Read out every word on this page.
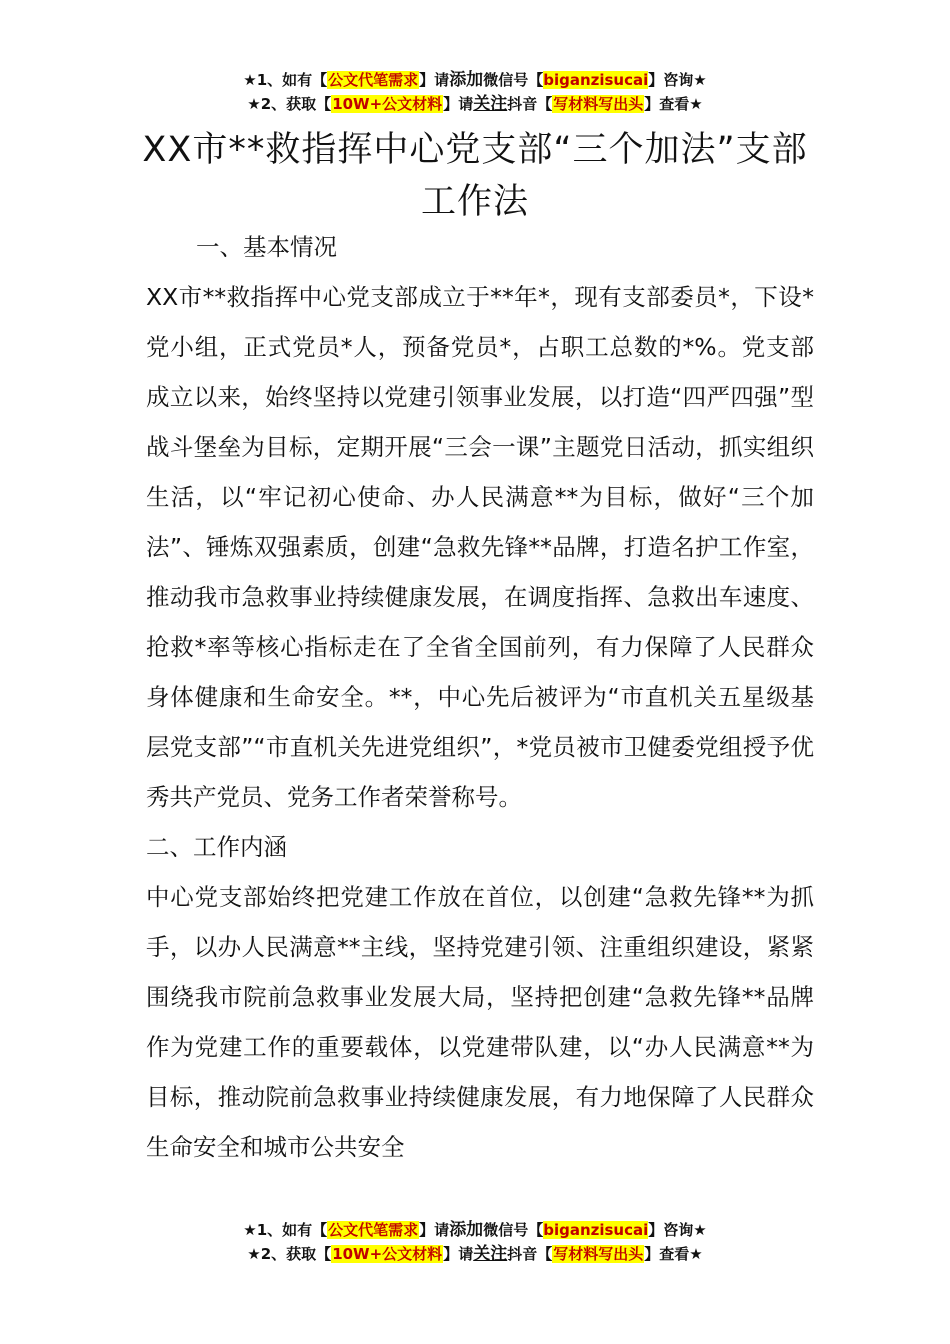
★1、如有【公文代笔需求】请添加微信号【biganzisucai】咨询★
★2、获取【10W+公文材料】请关注抖音【写材料写出头】查看★
XX市**救指挥中心党支部“三个加法”支部工作法

一、基本情况

XX市**救指挥中心党支部成立于**年*，现有支部委员*，下设*党小组，正式党员*人，预备党员*，占职工总数的*%。党支部成立以来，始终坚持以党建引领事业发展，以打造“四严四强”型战斗堡垒为目标，定期开展“三会一课”主题党日活动，抓实组织生活，以“牢记初心使命、办人民满意**为目标，做好“三个加法”、锤炼双强素质，创建“急救先锋**品牌，打造名护工作室，推动我市急救事业持续健康发展，在调度指挥、急救出车速度、抢救*率等核心指标走在了全省全国前列，有力保障了人民群众身体健康和生命安全。**，中心先后被评为“市直机关五星级基层党支部”“市直机关先进党组织”，*党员被市卫健委党组授予优秀共产党员、党务工作者荣誉称号。

二、工作内涵

中心党支部始终把党建工作放在首位，以创建“急救先锋**为抓手，以办人民满意**主线，坚持党建引领、注重组织建设，紧紧围绕我市院前急救事业发展大局，坚持把创建“急救先锋**品牌作为党建工作的重要载体，以党建带队建，以“办人民满意**为目标，推动院前急救事业持续健康发展，有力地保障了人民群众生命安全和城市公共安全

★1、如有【公文代笔需求】请添加微信号【biganzisucai】咨询★
★2、获取【10W+公文材料】请关注抖音【写材料写出头】查看★
